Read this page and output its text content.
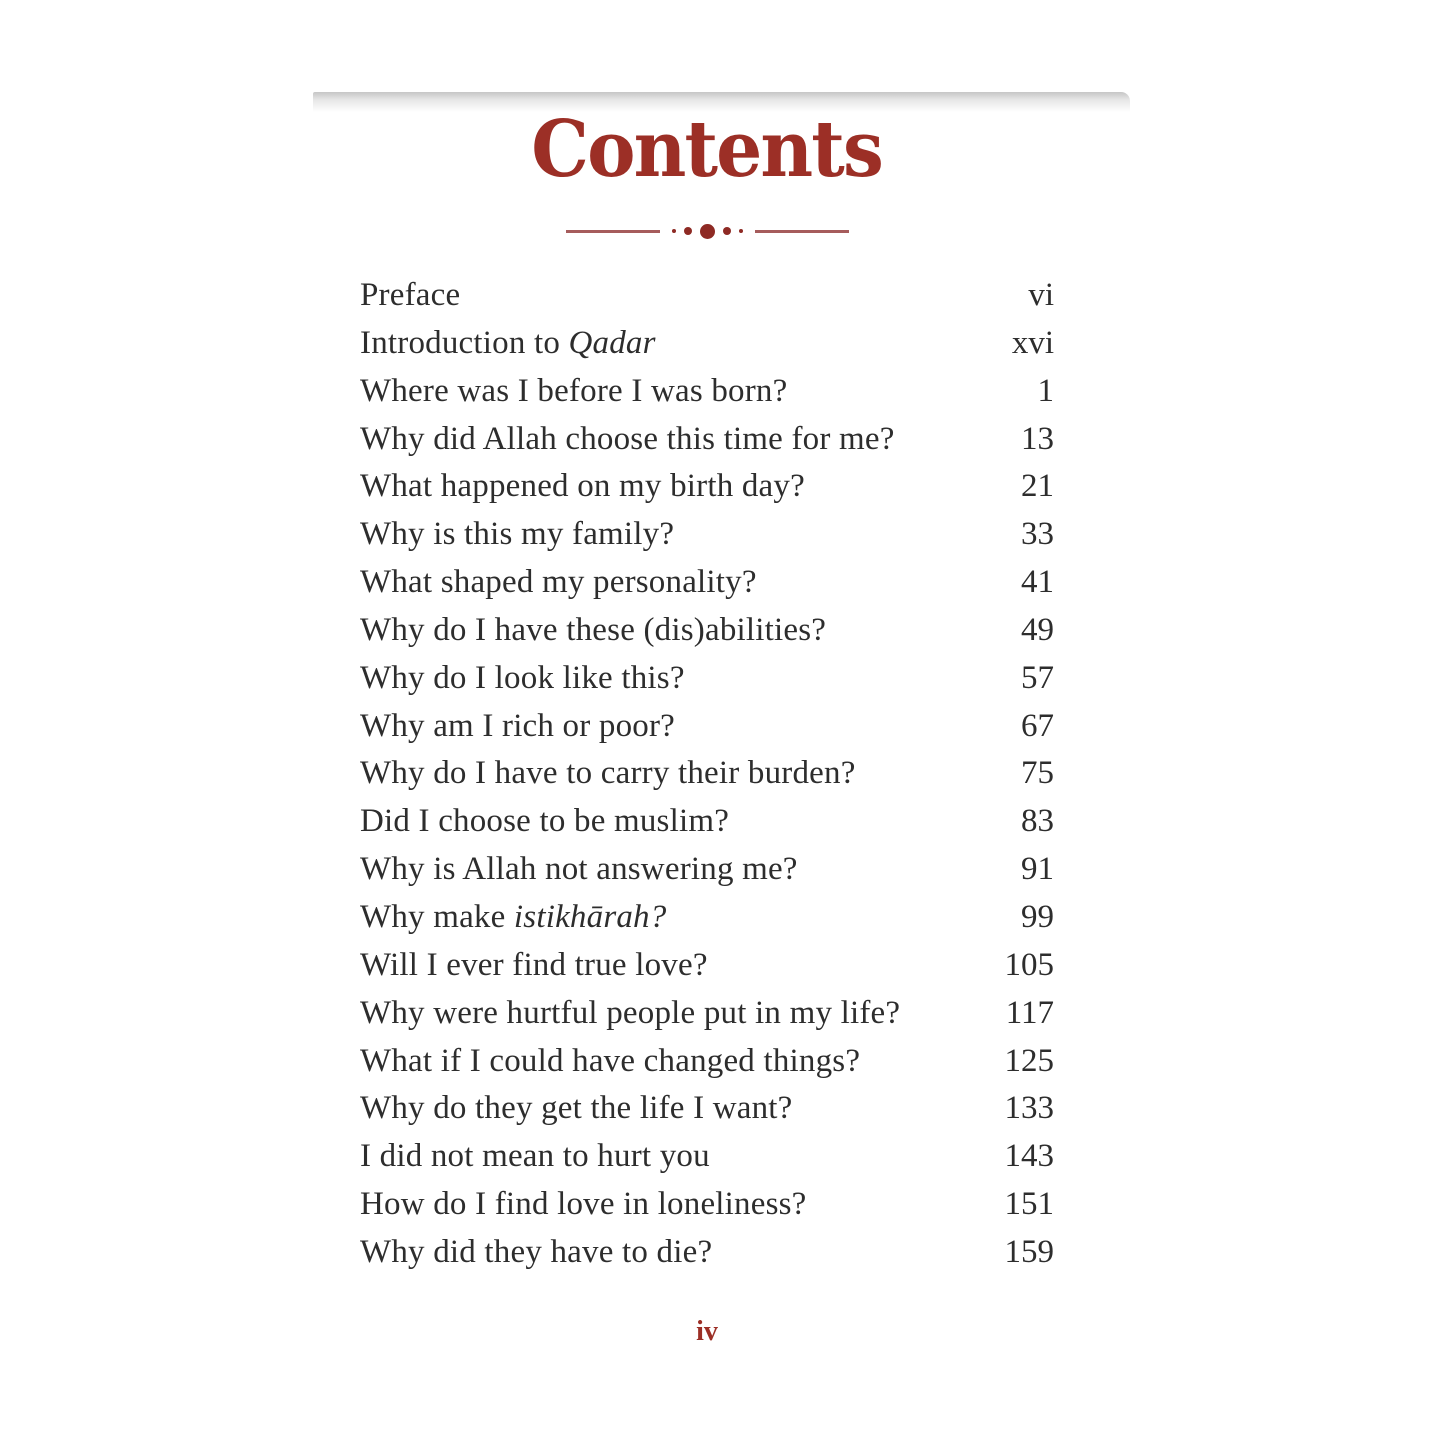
Contents
Preface	vi
Introduction to Qadar	xvi
Where was I before I was born?	1
Why did Allah choose this time for me?	13
What happened on my birth day?	21
Why is this my family?	33
What shaped my personality?	41
Why do I have these (dis)abilities?	49
Why do I look like this?	57
Why am I rich or poor?	67
Why do I have to carry their burden?	75
Did I choose to be muslim?	83
Why is Allah not answering me?	91
Why make istikhārah?	99
Will I ever find true love?	105
Why were hurtful people put in my life?	117
What if I could have changed things?	125
Why do they get the life I want?	133
I did not mean to hurt you	143
How do I find love in loneliness?	151
Why did they have to die?	159
iv
